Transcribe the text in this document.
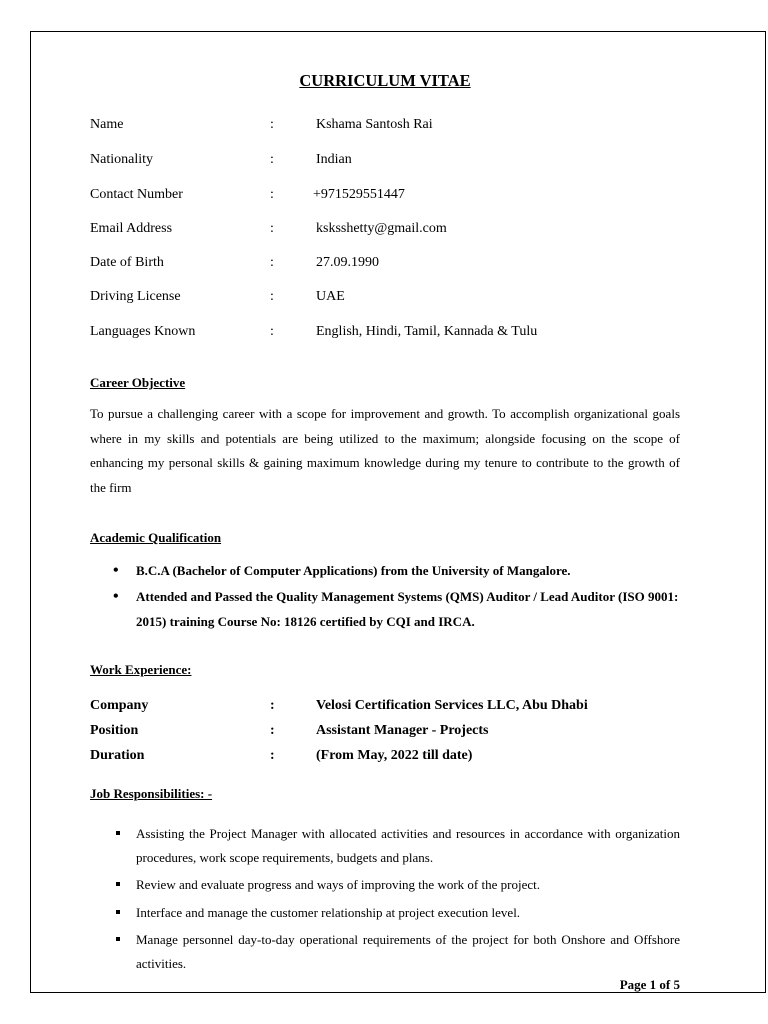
CURRICULUM VITAE
Name	:	Kshama Santosh Rai
Nationality	:	Indian
Contact Number	:	+971529551447
Email Address	:	ksksshetty@gmail.com
Date of Birth	:	27.09.1990
Driving License	:	UAE
Languages Known	:	English, Hindi, Tamil, Kannada & Tulu
Career Objective

To pursue a challenging career with a scope for improvement and growth. To accomplish organizational goals where in my skills and potentials are being utilized to the maximum; alongside focusing on the scope of enhancing my personal skills & gaining maximum knowledge during my tenure to contribute to the growth of the firm

Academic Qualification
• B.C.A (Bachelor of Computer Applications) from the University of Mangalore.
• Attended and Passed the Quality Management Systems (QMS) Auditor / Lead Auditor (ISO 9001: 2015) training Course No: 18126 certified by CQI and IRCA.
Work Experience:
Company	:	Velosi Certification Services LLC, Abu Dhabi
Position	:	Assistant Manager - Projects
Duration	:	(From May, 2022 till date)
Job Responsibilities: -
Assisting the Project Manager with allocated activities and resources in accordance with organization procedures, work scope requirements, budgets and plans.
Review and evaluate progress and ways of improving the work of the project.
Interface and manage the customer relationship at project execution level.
Manage personnel day-to-day operational requirements of the project for both Onshore and Offshore activities.
Page 1 of 5
